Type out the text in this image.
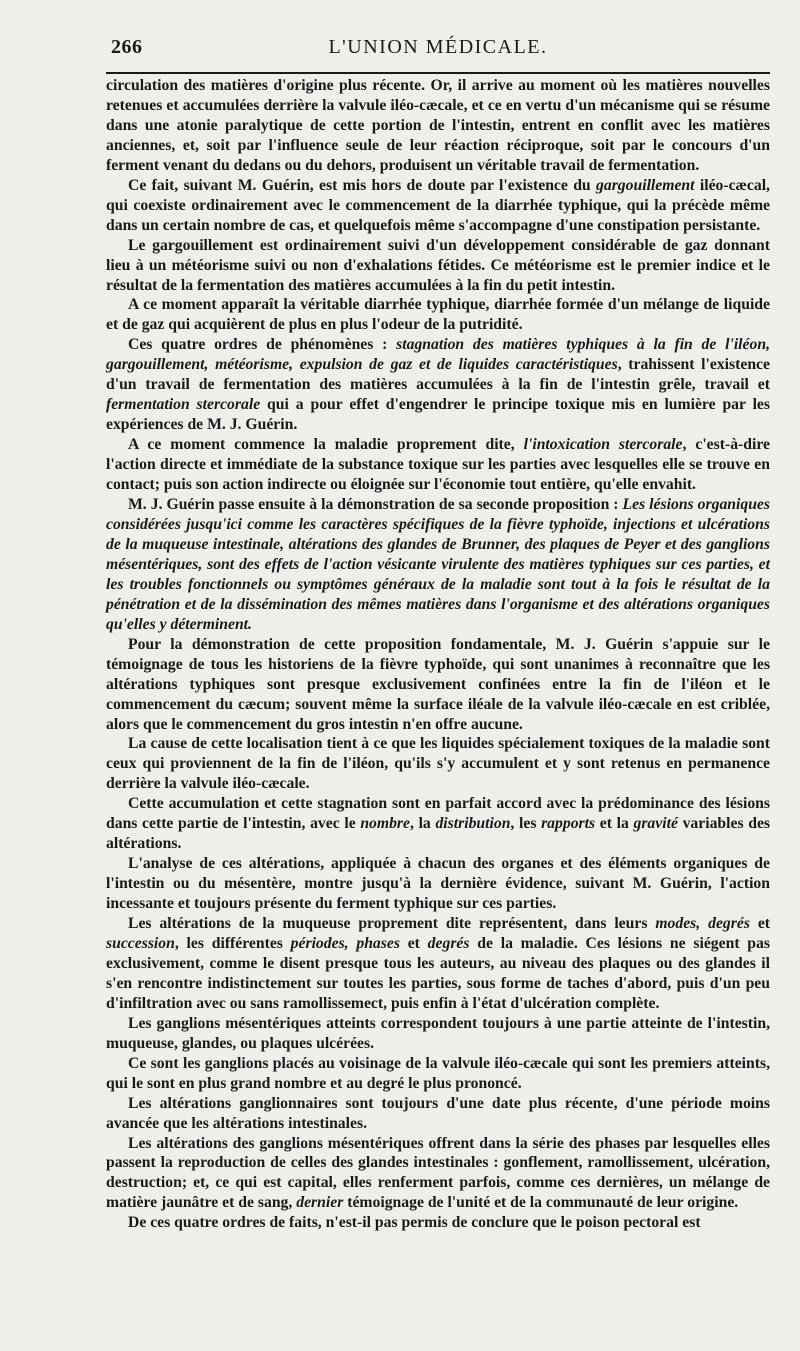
266	L'UNION MÉDICALE.

circulation des matières d'origine plus récente. Or, il arrive au moment où les matières nouvelles retenues et accumulées derrière la valvule iléo-cæcale, et ce en vertu d'un mécanisme qui se résume dans une atonie paralytique de cette portion de l'intestin, entrent en conflit avec les matières anciennes, et, soit par l'influence seule de leur réaction réciproque, soit par le concours d'un ferment venant du dedans ou du dehors, produisent un véritable travail de fermentation.

Ce fait, suivant M. Guérin, est mis hors de doute par l'existence du gargouillement iléo-cæcal, qui coexiste ordinairement avec le commencement de la diarrhée typhique, qui la précède même dans un certain nombre de cas, et quelquefois même s'accompagne d'une constipation persistante.

Le gargouillement est ordinairement suivi d'un développement considérable de gaz donnant lieu à un météorisme suivi ou non d'exhalations fétides. Ce météorisme est le premier indice et le résultat de la fermentation des matières accumulées à la fin du petit intestin.

A ce moment apparaît la véritable diarrhée typhique, diarrhée formée d'un mélange de liquide et de gaz qui acquièrent de plus en plus l'odeur de la putridité.

Ces quatre ordres de phénomènes : stagnation des matières typhiques à la fin de l'iléon, gargouillement, météorisme, expulsion de gaz et de liquides caractéristiques, trahissent l'existence d'un travail de fermentation des matières accumulées à la fin de l'intestin grêle, travail et fermentation stercorale qui a pour effet d'engendrer le principe toxique mis en lumière par les expériences de M. J. Guérin.

A ce moment commence la maladie proprement dite, l'intoxication stercorale, c'est-à-dire l'action directe et immédiate de la substance toxique sur les parties avec lesquelles elle se trouve en contact; puis son action indirecte ou éloignée sur l'économie tout entière, qu'elle envahit.

M. J. Guérin passe ensuite à la démonstration de sa seconde proposition : Les lésions organiques considérées jusqu'ici comme les caractères spécifiques de la fièvre typhoïde, injections et ulcérations de la muqueuse intestinale, altérations des glandes de Brunner, des plaques de Peyer et des ganglions mésentériques, sont des effets de l'action vésicante virulente des matières typhiques sur ces parties, et les troubles fonctionnels ou symptômes généraux de la maladie sont tout à la fois le résultat de la pénétration et de la dissémination des mêmes matières dans l'organisme et des altérations organiques qu'elles y déterminent.

Pour la démonstration de cette proposition fondamentale, M. J. Guérin s'appuie sur le témoignage de tous les historiens de la fièvre typhoïde, qui sont unanimes à reconnaître que les altérations typhiques sont presque exclusivement confinées entre la fin de l'iléon et le commencement du cæcum; souvent même la surface iléale de la valvule iléo-cæcale en est criblée, alors que le commencement du gros intestin n'en offre aucune.

La cause de cette localisation tient à ce que les liquides spécialement toxiques de la maladie sont ceux qui proviennent de la fin de l'iléon, qu'ils s'y accumulent et y sont retenus en permanence derrière la valvule iléo-cæcale.

Cette accumulation et cette stagnation sont en parfait accord avec la prédominance des lésions dans cette partie de l'intestin, avec le nombre, la distribution, les rapports et la gravité variables des altérations.

L'analyse de ces altérations, appliquée à chacun des organes et des éléments organiques de l'intestin ou du mésentère, montre jusqu'à la dernière évidence, suivant M. Guérin, l'action incessante et toujours présente du ferment typhique sur ces parties.

Les altérations de la muqueuse proprement dite représentent, dans leurs modes, degrés et succession, les différentes périodes, phases et degrés de la maladie. Ces lésions ne siégent pas exclusivement, comme le disent presque tous les auteurs, au niveau des plaques ou des glandes il s'en rencontre indistinctement sur toutes les parties, sous forme de taches d'abord, puis d'un peu d'infiltration avec ou sans ramollissemect, puis enfin à l'état d'ulcération complète.

Les ganglions mésentériques atteints correspondent toujours à une partie atteinte de l'intestin, muqueuse, glandes, ou plaques ulcérées.

Ce sont les ganglions placés au voisinage de la valvule iléo-cæcale qui sont les premiers atteints, qui le sont en plus grand nombre et au degré le plus prononcé.

Les altérations ganglionnaires sont toujours d'une date plus récente, d'une période moins avancée que les altérations intestinales.

Les altérations des ganglions mésentériques offrent dans la série des phases par lesquelles elles passent la reproduction de celles des glandes intestinales : gonflement, ramollissement, ulcération, destruction; et, ce qui est capital, elles renferment parfois, comme ces dernières, un mélange de matière jaunâtre et de sang, dernier témoignage de l'unité et de la communauté de leur origine.

De ces quatre ordres de faits, n'est-il pas permis de conclure que le poison pectoral est
